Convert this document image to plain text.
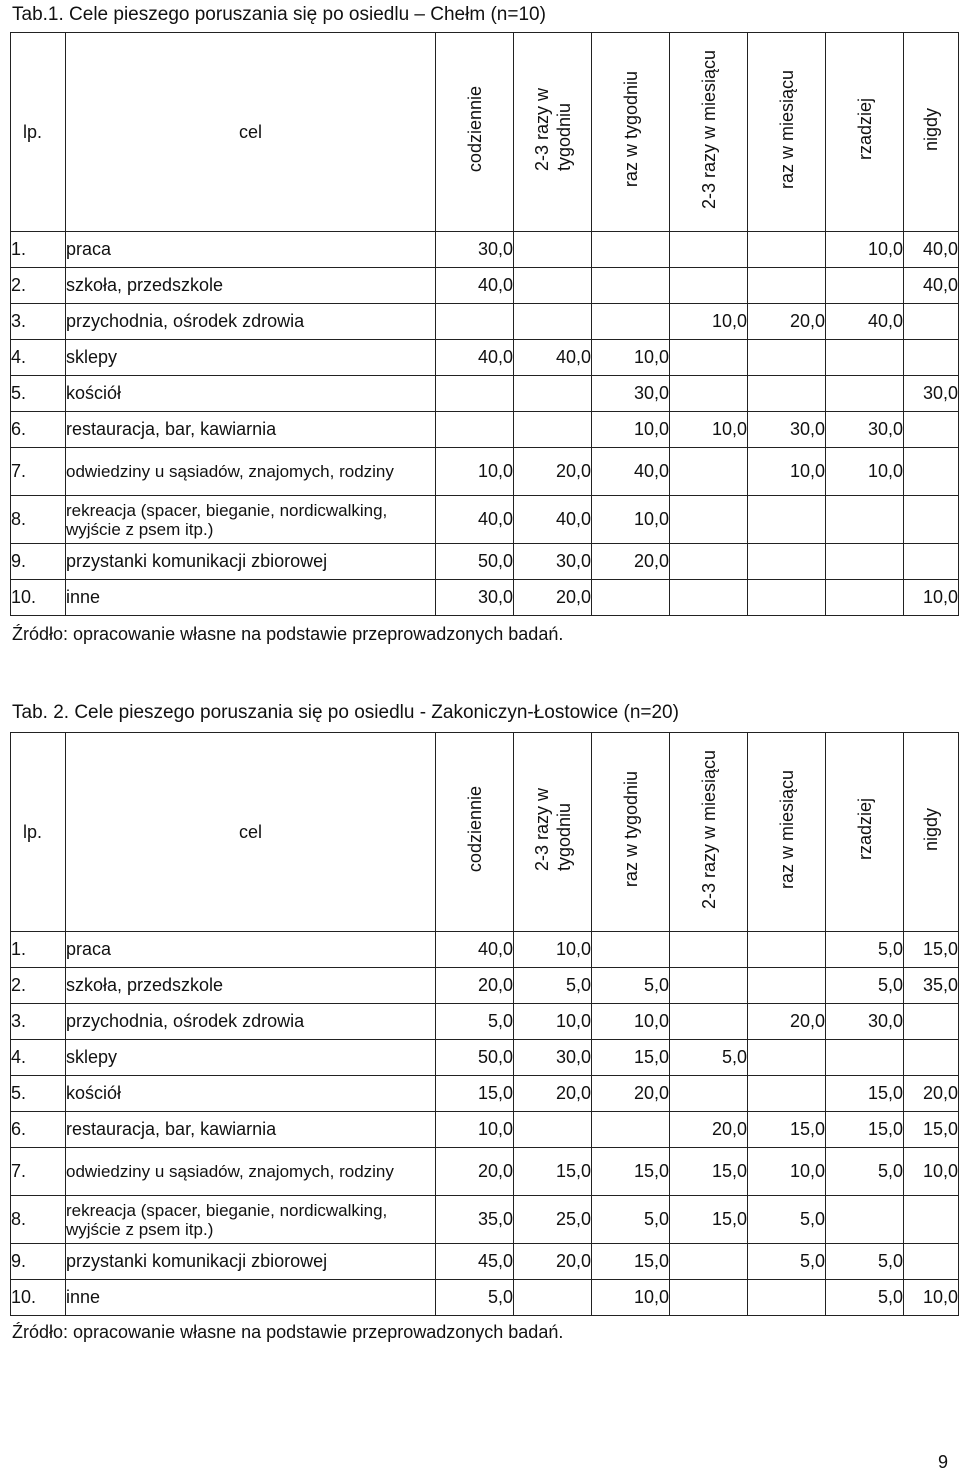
Tab.1. Cele pieszego poruszania się po osiedlu – Chełm (n=10)
lp.	cel	codziennie	2-3 razy w
tygodniu	raz w tygodniu	2-3 razy w miesiącu	raz w miesiącu	rzadziej	nigdy
1.	praca	30,0					10,0	40,0
2.	szkoła, przedszkole	40,0						40,0
3.	przychodnia, ośrodek zdrowia				10,0	20,0	40,0	
4.	sklepy	40,0	40,0	10,0				
5.	kościół			30,0				30,0
6.	restauracja, bar, kawiarnia			10,0	10,0	30,0	30,0	
7.	odwiedziny u sąsiadów, znajomych, rodziny	10,0	20,0	40,0		10,0	10,0	
8.	rekreacja (spacer, bieganie, nordicwalking, wyjście z psem itp.)	40,0	40,0	10,0				
9.	przystanki komunikacji zbiorowej	50,0	30,0	20,0				
10.	inne	30,0	20,0					10,0
Źródło: opracowanie własne na podstawie przeprowadzonych badań.
Tab. 2. Cele pieszego poruszania się po osiedlu - Zakoniczyn-Łostowice (n=20)
lp.	cel	codziennie	2-3 razy w
tygodniu	raz w tygodniu	2-3 razy w miesiącu	raz w miesiącu	rzadziej	nigdy
1.	praca	40,0	10,0				5,0	15,0
2.	szkoła, przedszkole	20,0	5,0	5,0			5,0	35,0
3.	przychodnia, ośrodek zdrowia	5,0	10,0	10,0		20,0	30,0	
4.	sklepy	50,0	30,0	15,0	5,0			
5.	kościół	15,0	20,0	20,0			15,0	20,0
6.	restauracja, bar, kawiarnia	10,0			20,0	15,0	15,0	15,0
7.	odwiedziny u sąsiadów, znajomych, rodziny	20,0	15,0	15,0	15,0	10,0	5,0	10,0
8.	rekreacja (spacer, bieganie, nordicwalking, wyjście z psem itp.)	35,0	25,0	5,0	15,0	5,0		
9.	przystanki komunikacji zbiorowej	45,0	20,0	15,0		5,0	5,0	
10.	inne	5,0		10,0			5,0	10,0
Źródło: opracowanie własne na podstawie przeprowadzonych badań.
9
